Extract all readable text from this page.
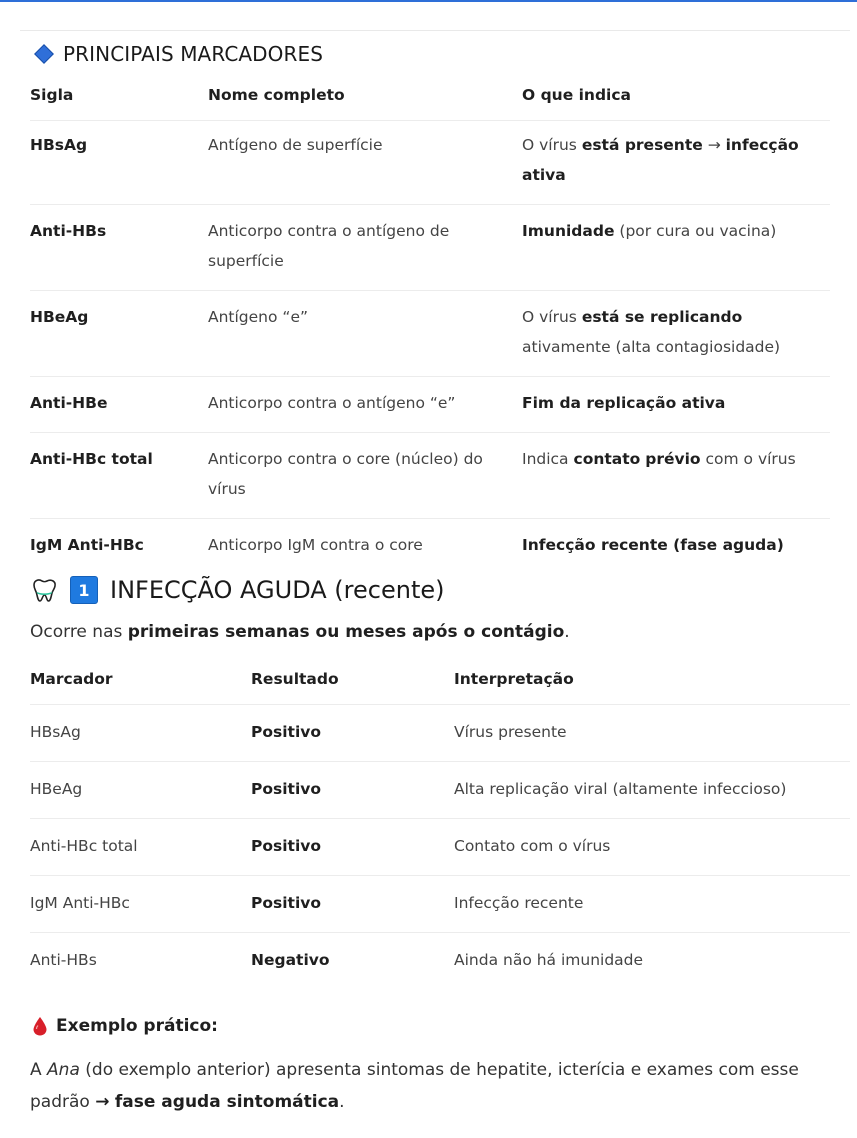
PRINCIPAIS MARCADORES
Sigla	Nome completo	O que indica
HBsAg	Antígeno de superfície	O vírus está presente → infecção ativa
Anti-HBs	Anticorpo contra o antígeno de superfície	Imunidade (por cura ou vacina)
HBeAg	Antígeno “e”	O vírus está se replicando ativamente (alta contagiosidade)
Anti-HBe	Anticorpo contra o antígeno “e”	Fim da replicação ativa
Anti-HBc total	Anticorpo contra o core (núcleo) do vírus	Indica contato prévio com o vírus
IgM Anti-HBc	Anticorpo IgM contra o core	Infecção recente (fase aguda)
1 INFECÇÃO AGUDA (recente)
Ocorre nas primeiras semanas ou meses após o contágio.
Marcador	Resultado	Interpretação
HBsAg	Positivo	Vírus presente
HBeAg	Positivo	Alta replicação viral (altamente infeccioso)
Anti-HBc total	Positivo	Contato com o vírus
IgM Anti-HBc	Positivo	Infecção recente
Anti-HBs	Negativo	Ainda não há imunidade
Exemplo prático:
A Ana (do exemplo anterior) apresenta sintomas de hepatite, icterícia e exames com esse padrão → fase aguda sintomática.
